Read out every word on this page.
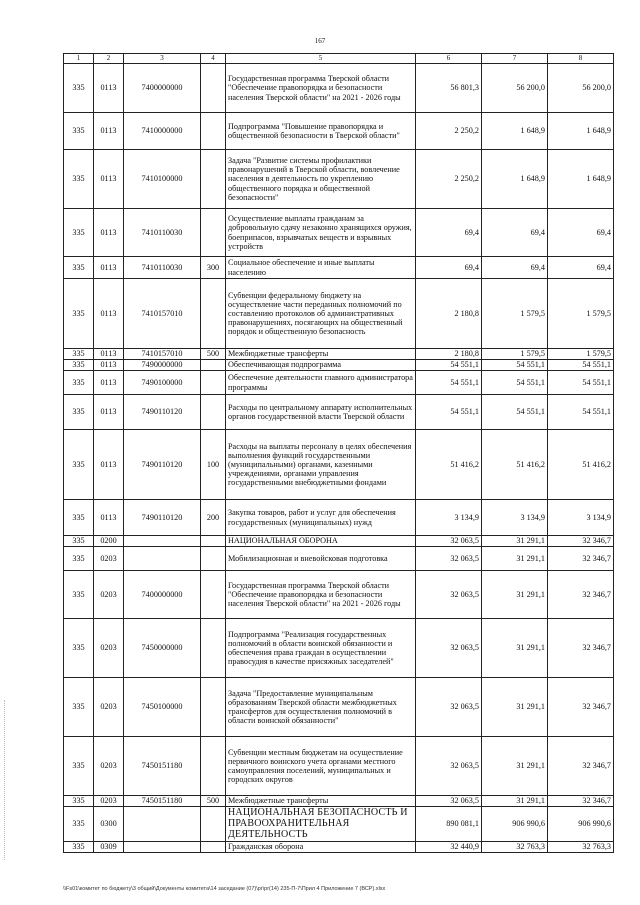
167
1	2	3	4	5	6	7	8
335	0113	7400000000		Государственная программа Тверской области "Обеспечение правопорядка и безопасности населения Тверской области" на 2021 - 2026 годы	56 801,3	56 200,0	56 200,0
335	0113	7410000000		Подпрограмма "Повышение правопорядка и общественной безопасности в Тверской области"	2 250,2	1 648,9	1 648,9
335	0113	7410100000		Задача "Развитие системы профилактики правонарушений в Тверской области, вовлечение населения в деятельность по укреплению общественного порядка и общественной безопасности"	2 250,2	1 648,9	1 648,9
335	0113	7410110030		Осуществление выплаты гражданам за добровольную сдачу незаконно хранящихся оружия, боеприпасов, взрывчатых веществ и взрывных устройств	69,4	69,4	69,4
335	0113	7410110030	300	Социальное обеспечение и иные выплаты населению	69,4	69,4	69,4
335	0113	7410157010		Субвенции федеральному бюджету на осуществление части переданных полномочий по составлению протоколов об административных правонарушениях, посягающих на общественный порядок и общественную безопасность	2 180,8	1 579,5	1 579,5
335	0113	7410157010	500	Межбюджетные трансферты	2 180,8	1 579,5	1 579,5
335	0113	7490000000		Обеспечивающая подпрограмма	54 551,1	54 551,1	54 551,1
335	0113	7490100000		Обеспечение деятельности главного администратора программы	54 551,1	54 551,1	54 551,1
335	0113	7490110120		Расходы по центральному аппарату исполнительных органов государственной власти Тверской области	54 551,1	54 551,1	54 551,1
335	0113	7490110120	100	Расходы на выплаты персоналу в целях обеспечения выполнения функций государственными (муниципальными) органами, казенными учреждениями, органами управления государственными внебюджетными фондами	51 416,2	51 416,2	51 416,2
335	0113	7490110120	200	Закупка товаров, работ и услуг для обеспечения государственных (муниципальных) нужд	3 134,9	3 134,9	3 134,9
335	0200			НАЦИОНАЛЬНАЯ ОБОРОНА	32 063,5	31 291,1	32 346,7
335	0203			Мобилизационная и вневойсковая подготовка	32 063,5	31 291,1	32 346,7
335	0203	7400000000		Государственная программа Тверской области "Обеспечение правопорядка и безопасности населения Тверской области" на 2021 - 2026 годы	32 063,5	31 291,1	32 346,7
335	0203	7450000000		Подпрограмма "Реализация государственных полномочий в области воинской обязанности и обеспечения права граждан в осуществлении правосудия в качестве присяжных заседателей"	32 063,5	31 291,1	32 346,7
335	0203	7450100000		Задача "Предоставление муниципальным образованиям Тверской области межбюджетных трансфертов для осуществления полномочий в области воинской обязанности"	32 063,5	31 291,1	32 346,7
335	0203	7450151180		Субвенции местным бюджетам на осуществление первичного воинского учета органами местного самоуправления поселений, муниципальных и городских округов	32 063,5	31 291,1	32 346,7
335	0203	7450151180	500	Межбюджетные трансферты	32 063,5	31 291,1	32 346,7
335	0300			НАЦИОНАЛЬНАЯ БЕЗОПАСНОСТЬ И ПРАВООХРАНИТЕЛЬНАЯ ДЕЯТЕЛЬНОСТЬ	890 081,1	906 990,6	906 990,6
335	0309			Гражданская оборона	32 440,9	32 763,3	32 763,3
\\Fs01\комитет по бюджету\3 общий\Документы комитета\14 заседание (07)\pr\pr(14) 235-П-7\Прил 4 Приложение 7 (ВСР).xlsx
